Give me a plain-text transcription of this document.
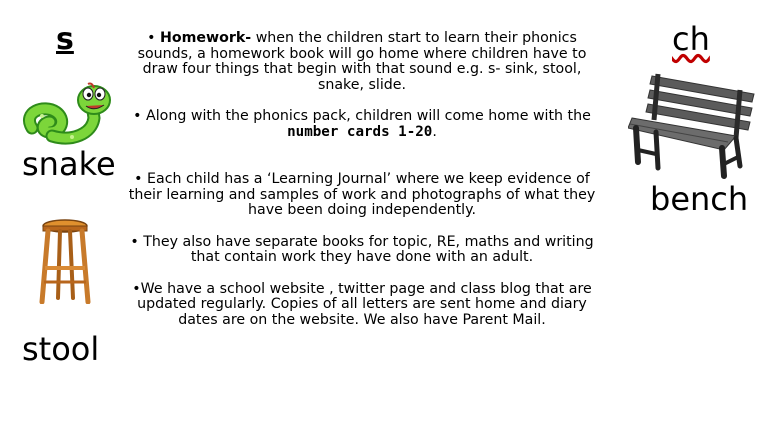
s	ch
snake
stool
bench

• Homework- when the children start to learn their phonics sounds, a homework book will go home where children have to draw four things that begin with that sound e.g. s- sink, stool, snake, slide.

• Along with the phonics pack, children will come home with the number cards 1-20.

• Each child has a ‘Learning Journal’ where we keep evidence of their learning and samples of work and photographs of what they have been doing independently.

• They also have separate books for topic, RE, maths and writing that contain work they have done with an adult.

•We have a school website , twitter page and class blog that are updated regularly. Copies of all letters are sent home and diary dates are on the website. We also have Parent Mail.
